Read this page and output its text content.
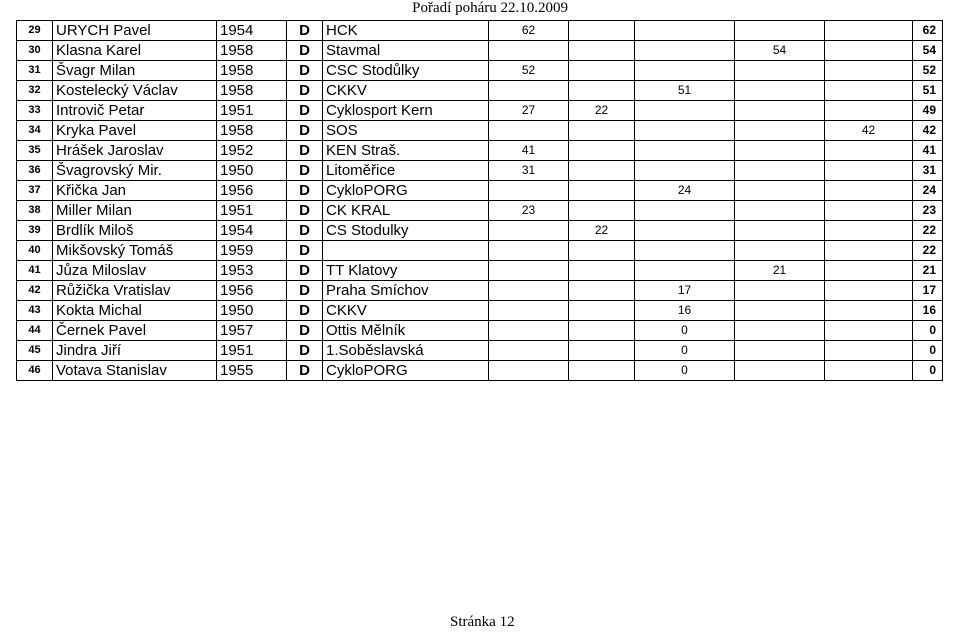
Pořadí poháru 22.10.2009
29	URYCH Pavel	1954	D	HCK	62					62
30	Klasna Karel	1958	D	Stavmal				54		54
31	Švagr Milan	1958	D	CSC Stodůlky	52					52
32	Kostelecký Václav	1958	D	CKKV			51			51
33	Introvič Petar	1951	D	Cyklosport Kern	27	22				49
34	Kryka Pavel	1958	D	SOS					42	42
35	Hrášek Jaroslav	1952	D	KEN Straš.	41					41
36	Švagrovský Mir.	1950	D	Litoměřice	31					31
37	Křička Jan	1956	D	CykloPORG			24			24
38	Miller Milan	1951	D	CK KRAL	23					23
39	Brdlík Miloš	1954	D	CS Stodulky		22				22
40	Mikšovský Tomáš	1959	D							22
41	Jůza Miloslav	1953	D	TT Klatovy				21		21
42	Růžička Vratislav	1956	D	Praha Smíchov			17			17
43	Kokta Michal	1950	D	CKKV			16			16
44	Černek Pavel	1957	D	Ottis Mělník			0			0
45	Jindra Jiří	1951	D	1.Soběslavská			0			0
46	Votava Stanislav	1955	D	CykloPORG			0			0
Stránka 12
